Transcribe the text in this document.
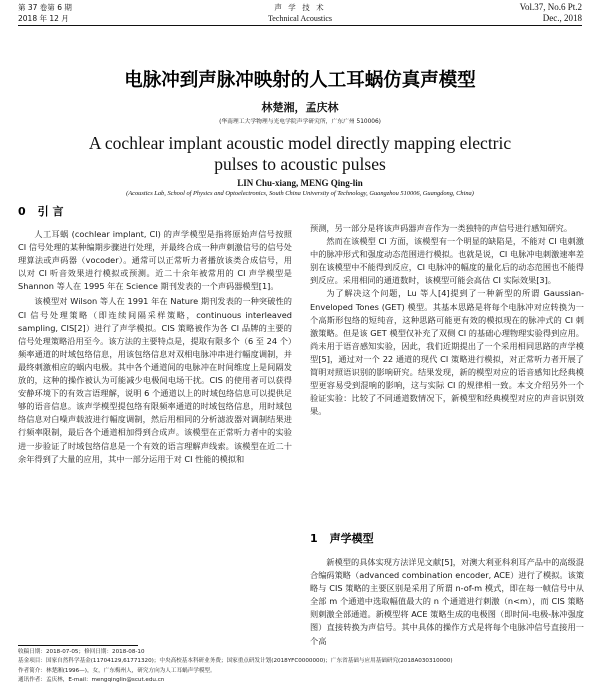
第 37 卷第 6 期
2018 年 12 月
声 学 技 术
Technical Acoustics
Vol.37, No.6 Pt.2
Dec., 2018
电脉冲到声脉冲映射的人工耳蜗仿真声模型
林楚湘，孟庆林
(华南理工大学物理与光电学院声学研究所，广东广州 510006)
A cochlear implant acoustic model directly mapping electric
pulses to acoustic pulses
LIN Chu-xiang, MENG Qing-lin
(Acoustics Lab, School of Physics and Optoelectronics, South China University of Technology, Guangzhou 510006, Guangdong, China)
0 引 言

人工耳蜗 (cochlear implant, CI) 的声学模型是指将原始声信号按照 CI 信号处理的某种编期步骤进行处理，并最终合成一种声刺激信号的信号处理算法或声码器（vocoder）。通常可以正常听力者播放该类合成信号，用以对 CI 听音效果进行模拟或预测。近二十余年被常用的 CI 声学模型是 Shannon 等人在 1995 年在 Science 期刊发表的一个声码器模型[1]。

该模型对 Wilson 等人在 1991 年在 Nature 期刊发表的一种突破性的 CI 信号处理策略（即连续间隔采样策略，continuous interleaved sampling, CIS[2]）进行了声学模拟。CIS 策略被作为各 CI 品牌的主要的信号处理策略沿用至今。该方法的主要特点是，提取有限多个（6 至 24 个）频率通道的时域包络信息，用该包络信息对双相电脉冲串进行幅度调制，并最终刺激相应的蜗内电极。其中各个通道间的电脉冲在时间维度上是间隔发放的，这种的操作被认为可能减少电极间电场干扰。CIS 的使用者可以获得安静环境下的有效言语理解，说明 6 个通道以上的时域包络信息可以提供足够的语音信息。该声学模型提包络有限频率通道的时域包络信息，用时域包络信息对白噪声载波进行幅度调制，然后用相同的分析滤波器对调制结果进行频率限制，最后各个通道相加得到合成声。该模型在正常听力者中的实验进一步验证了时域包络信息是一个有效的语言理解声线索。该模型在近二十余年得到了大量的应用，其中一部分运用于对 CI 性能的模拟和

预测，另一部分是将该声码器声音作为一类独特的声信号进行感知研究。

然而在该模型 CI 方面，该模型有一个明显的缺陷是，不能对 CI 电刺激中的脉冲形式和强度动态范围进行模拟。也就是说，CI 电脉冲电刺激速率差别在该模型中不能得到反应，CI 电脉冲的幅度的量化后的动态范围也不能得到反应。采用相同的通道数时，该模型可能会高估 CI 实际效果[3]。

为了解决这个问题，Lu 等人[4]提到了一种新型的所谓 Gaussian-Enveloped Tones (GET) 模型。其基本思路是将每个电脉冲对应转换为一个高斯形包络的短纯音，这种思路可能更有效的模拟现在的脉冲式的 CI 刺激策略。但是该 GET 模型仅补充了双侧 CI 的基础心理物理实验得到应用。尚未用于语音感知实验，因此，我们近期提出了一个采用相同思路的声学模型[5]，通过对一个 22 通道的现代 CI 策略进行模拟，对正常听力者开展了简明对照语识别的影响研究。结果发现，新的模型对应的语音感知比经典模型更容易受到混响的影响，这与实际 CI 的规律相一致。本文介绍另外一个验证实验：比较了不同通道数情况下，新模型和经典模型对应的声音识别效果。

1 声学模型

新模型的具体实现方法详见文献[5]，对澳大利亚科利耳产品中的高级混合编码策略（advanced combination encoder, ACE）进行了模拟。该策略与 CIS 策略的主要区别是采用了所谓 n-of-m 模式，即在每一帧信号中从全部 m 个通道中选取幅值最大的 n 个通道进行刺激（n<m），而 CIS 策略则刺激全部通道。新模型将 ACE 策略生成的电极图（即时间-电极-脉冲强度图）直接转换为声信号。其中具体的操作方式是将每个电脉冲信号直接用一个高

收稿日期：2018-07-05；修回日期：2018-08-10
基金项目：国家自然科学基金(11704129,61771320)；中央高校基本科研业务费；国家重点研发计划(2018YFC0000000)；广东省基础与应用基础研究(2018A030310000)
作者简介：林楚湘(1996—)，女，广东梅州人，研究方向为人工耳蜗声学模型。
通讯作者：孟庆林，E-mail：mengqinglin@scut.edu.cn
